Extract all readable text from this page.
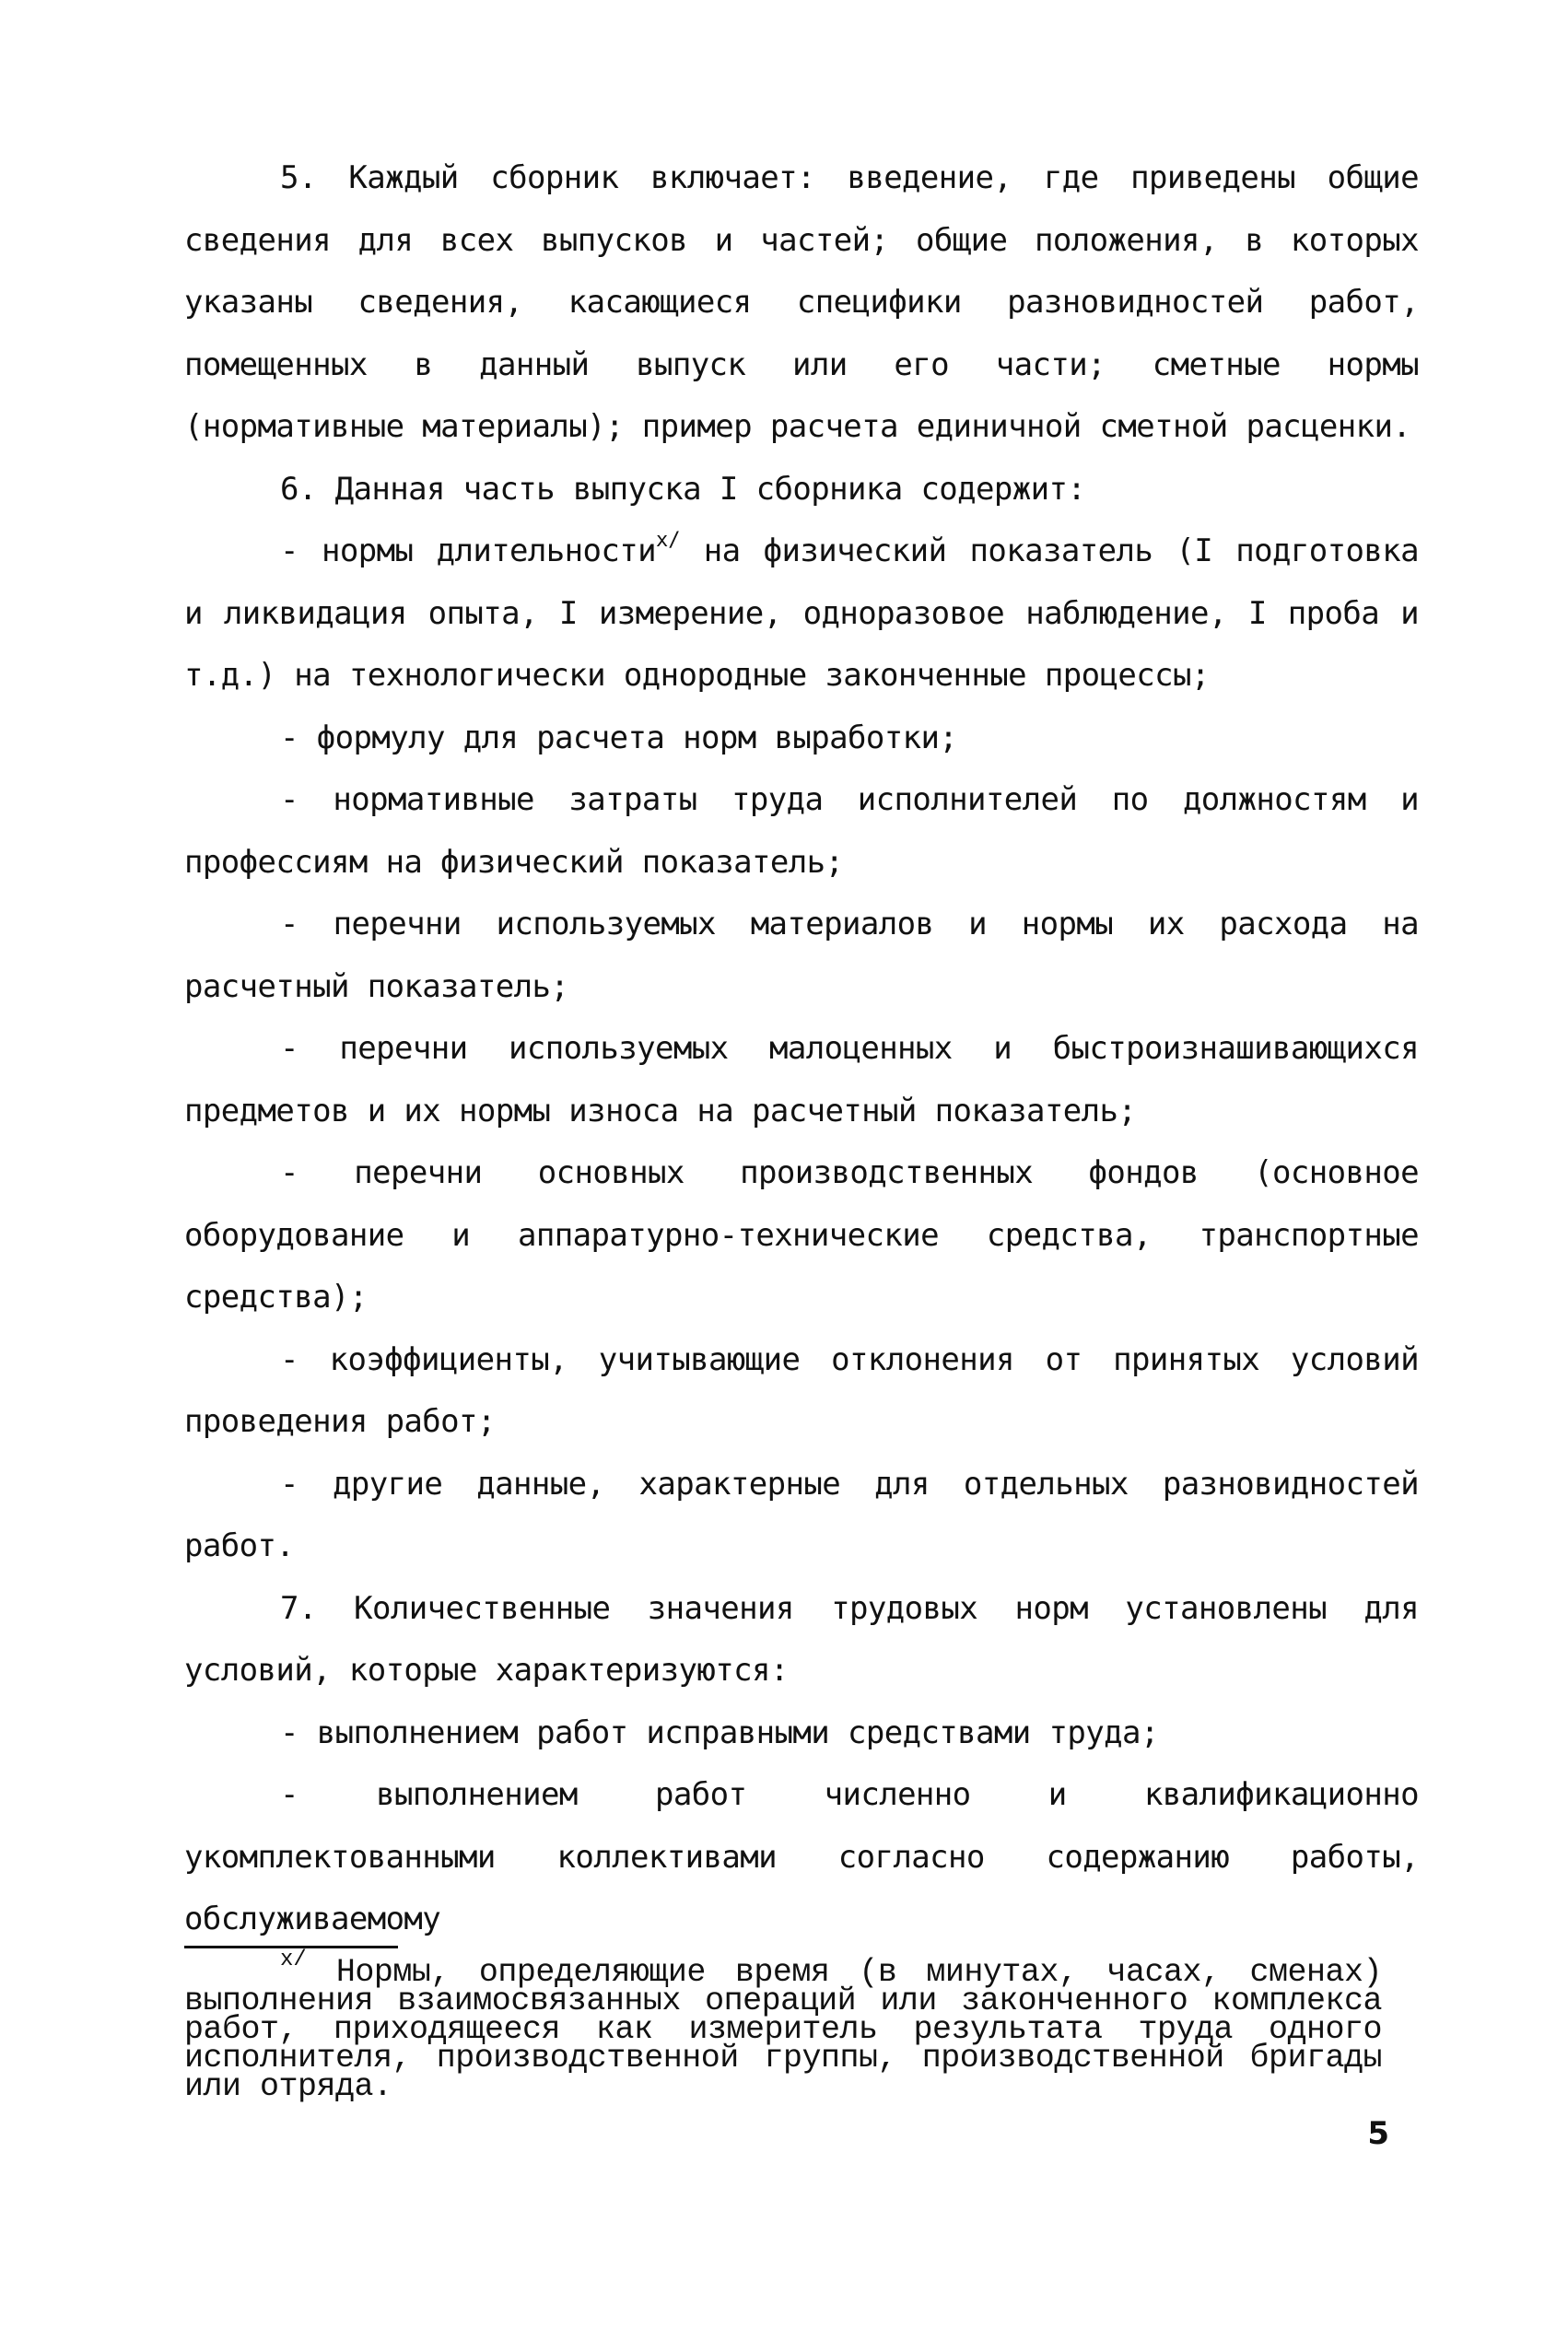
5. Каждый сборник включает: введение, где приведены общие сведения для всех выпусков и частей; общие положения, в которых указаны сведения, касающиеся специфики разновидностей работ, помещенных в данный выпуск или его части; сметные нормы (нормативные материалы); пример расчета единичной сметной расценки.

6. Данная часть выпуска I сборника содержит:

- нормы длительности$^{x/}$ на физический показатель (I подготовка и ликвидация опыта, I измерение, одноразовое наблюдение, I проба и т.д.) на технологически однородные законченные процессы;

- формулу для расчета норм выработки;

- нормативные затраты труда исполнителей по должностям и профессиям на физический показатель;

- перечни используемых материалов и нормы их расхода на расчетный показатель;

- перечни используемых малоценных и быстроизнашивающихся предметов и их нормы износа на расчетный показатель;

- перечни основных производственных фондов (основное оборудование и аппаратурно-технические средства, транспортные средства);

- коэффициенты, учитывающие отклонения от принятых условий проведения работ;

- другие данные, характерные для отдельных разновидностей работ.

7. Количественные значения трудовых норм установлены для условий, которые характеризуются:

- выполнением работ исправными средствами труда;

- выполнением работ численно и квалификационно укомплектованными коллективами согласно содержанию работы, обслуживаемому

$^{x/}$ Нормы, определяющие время (в минутах, часах, сменах) выполнения взаимосвязанных операций или законченного комплекса работ, приходящееся как измеритель результата труда одного исполнителя, производственной группы, производственной бригады или отряда.

5
